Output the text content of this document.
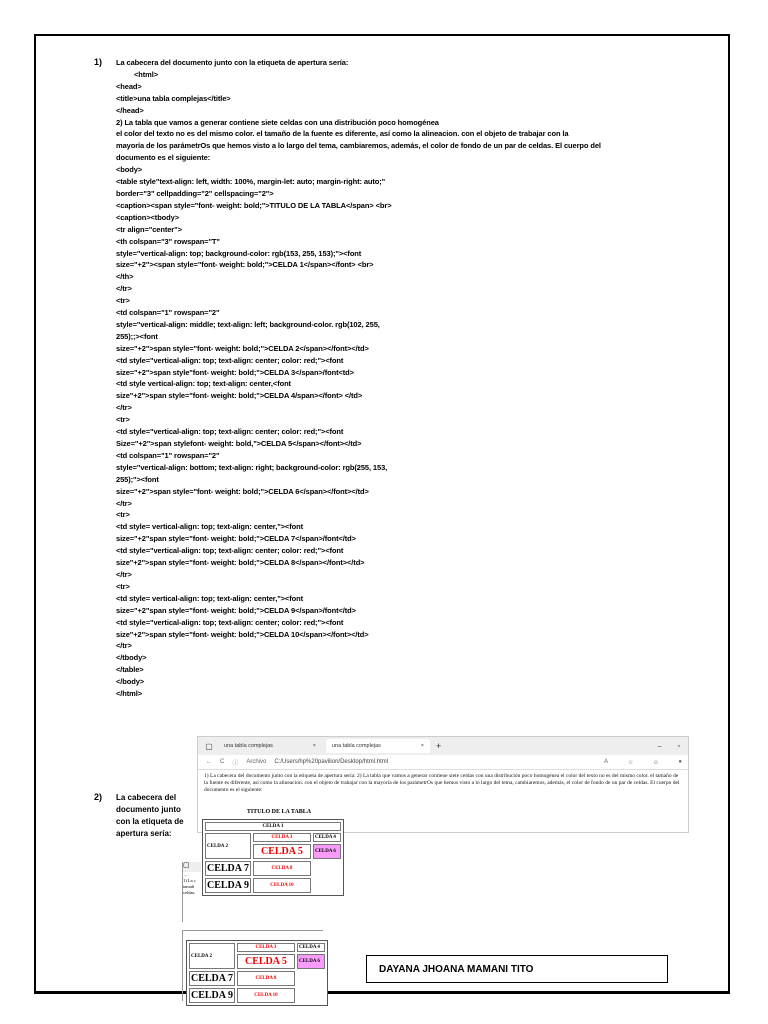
1) La cabecera del documento junto con la etiqueta de apertura sería:
<html>
<head>
<title>una tabla complejas</title>
</head>
2) La tabla que vamos a generar contiene siete celdas con una distribución poco homogénea
el color del texto no es del mismo color. el tamaño de la fuente es diferente, así como la alineacion. con el objeto de trabajar con la
mayoría de los parámetrOs que hemos visto a lo largo del tema, cambiaremos, además, el color de fondo de un par de celdas. El cuerpo del
documento es el siguiente:
<body>
<table style"text-align: left, width: 100%, margin-let: auto; margin-right: auto;"
border="3" cellpadding="2" cellspacing="2">
<caption><span style="font- weight: bold;">TITULO DE LA TABLA</span> <br>
<caption><tbody>
<tr align="center">
<th colspan="3" rowspan="T"
style="vertical-align: top; background-color: rgb(153, 255, 153);"><font
size="+2"><span style="font- weight: bold;">CELDA 1</span></font> <br>
</th>
</tr>
<tr>
<td colspan="1" rowspan="2"
style="vertical-align: middle; text-align: left; background-color. rgb(102, 255,
255);;><font
size="+2">span style="font- weight: bold;">CELDA 2</span></font></td>
<td style="vertical-align: top; text-align: center; color: red;"><font
size="+2">span style"font- weight: bold;">CELDA 3</span>/font<td>
<td style vertical-align: top; text-align: center,<font
size"+2">span style="font- weight: bold;">CELDA 4/span></font> </td>
</tr>
<tr>
<td style="vertical-align: top; text-align: center; color: red;"><font
Size="+2">span stylefont- weight: bold,">CELDA 5</span></font></td>
<td colspan="1" rowspan="2"
style="vertical-align: bottom; text-align: right; background-color: rgb(255, 153,
255);"><font
size="+2">span style="font- weight: bold;">CELDA 6</span></font></td>
</tr>
<tr>
<td style= vertical-align: top; text-align: center,"><font
size="+2"span style="font- weight: bold;">CELDA 7</span>/font</td>
<td style="vertical-align: top; text-align: center; color: red;"><font
size"+2">span style="font- weight: bold;">CELDA 8</span></font></td>
</tr>
<tr>
<td style= vertical-align: top; text-align: center,"><font
size="+2"span style="font- weight: bold;">CELDA 9</span>/font</td>
<td style="vertical-align: top; text-align: center; color: red;"><font
size"+2">span style="font- weight: bold;">CELDA 10</span></font></td>
</tr>
</tbody>
</table>
</body>
</html>
2) La cabecera del
documento junto
con la etiqueta de
apertura sería:
▢ una tabla complejas	×	una tabla complejas	× +	– ▫
← C ⓘ Archivo C:/Users/hp%20pavilion/Desktop/html.html	A	☆	✩	●
1) La cabecera del documento junto con la etiqueta de apertura sería: 2) La tabla que vamos a generar contiene siete celdas con una distribución poco homogénea el color del texto no es del mismo color. el tamaño de la fuente es diferente, así como la alineacion. con el objeto de trabajar con la mayoría de los parámetrOs que hemos visto a lo largo del tema, cambiaremos, además, el color de fondo de un par de celdas. El cuerpo del documento es el siguiente:
TITULO DE LA TABLA
CELDA 1		
CELDA 2	CELDA 3	CELDA 4
	CELDA 5	CELDA 6
CELDA 7	CELDA 8	
CELDA 9	CELDA 10	
▢
←
1) La c
tamañ
celdas.
CELDA 2	CELDA 3	CELDA 4
	CELDA 5	CELDA 6
CELDA 7	CELDA 8	
CELDA 9	CELDA 10	
DAYANA JHOANA MAMANI TITO
